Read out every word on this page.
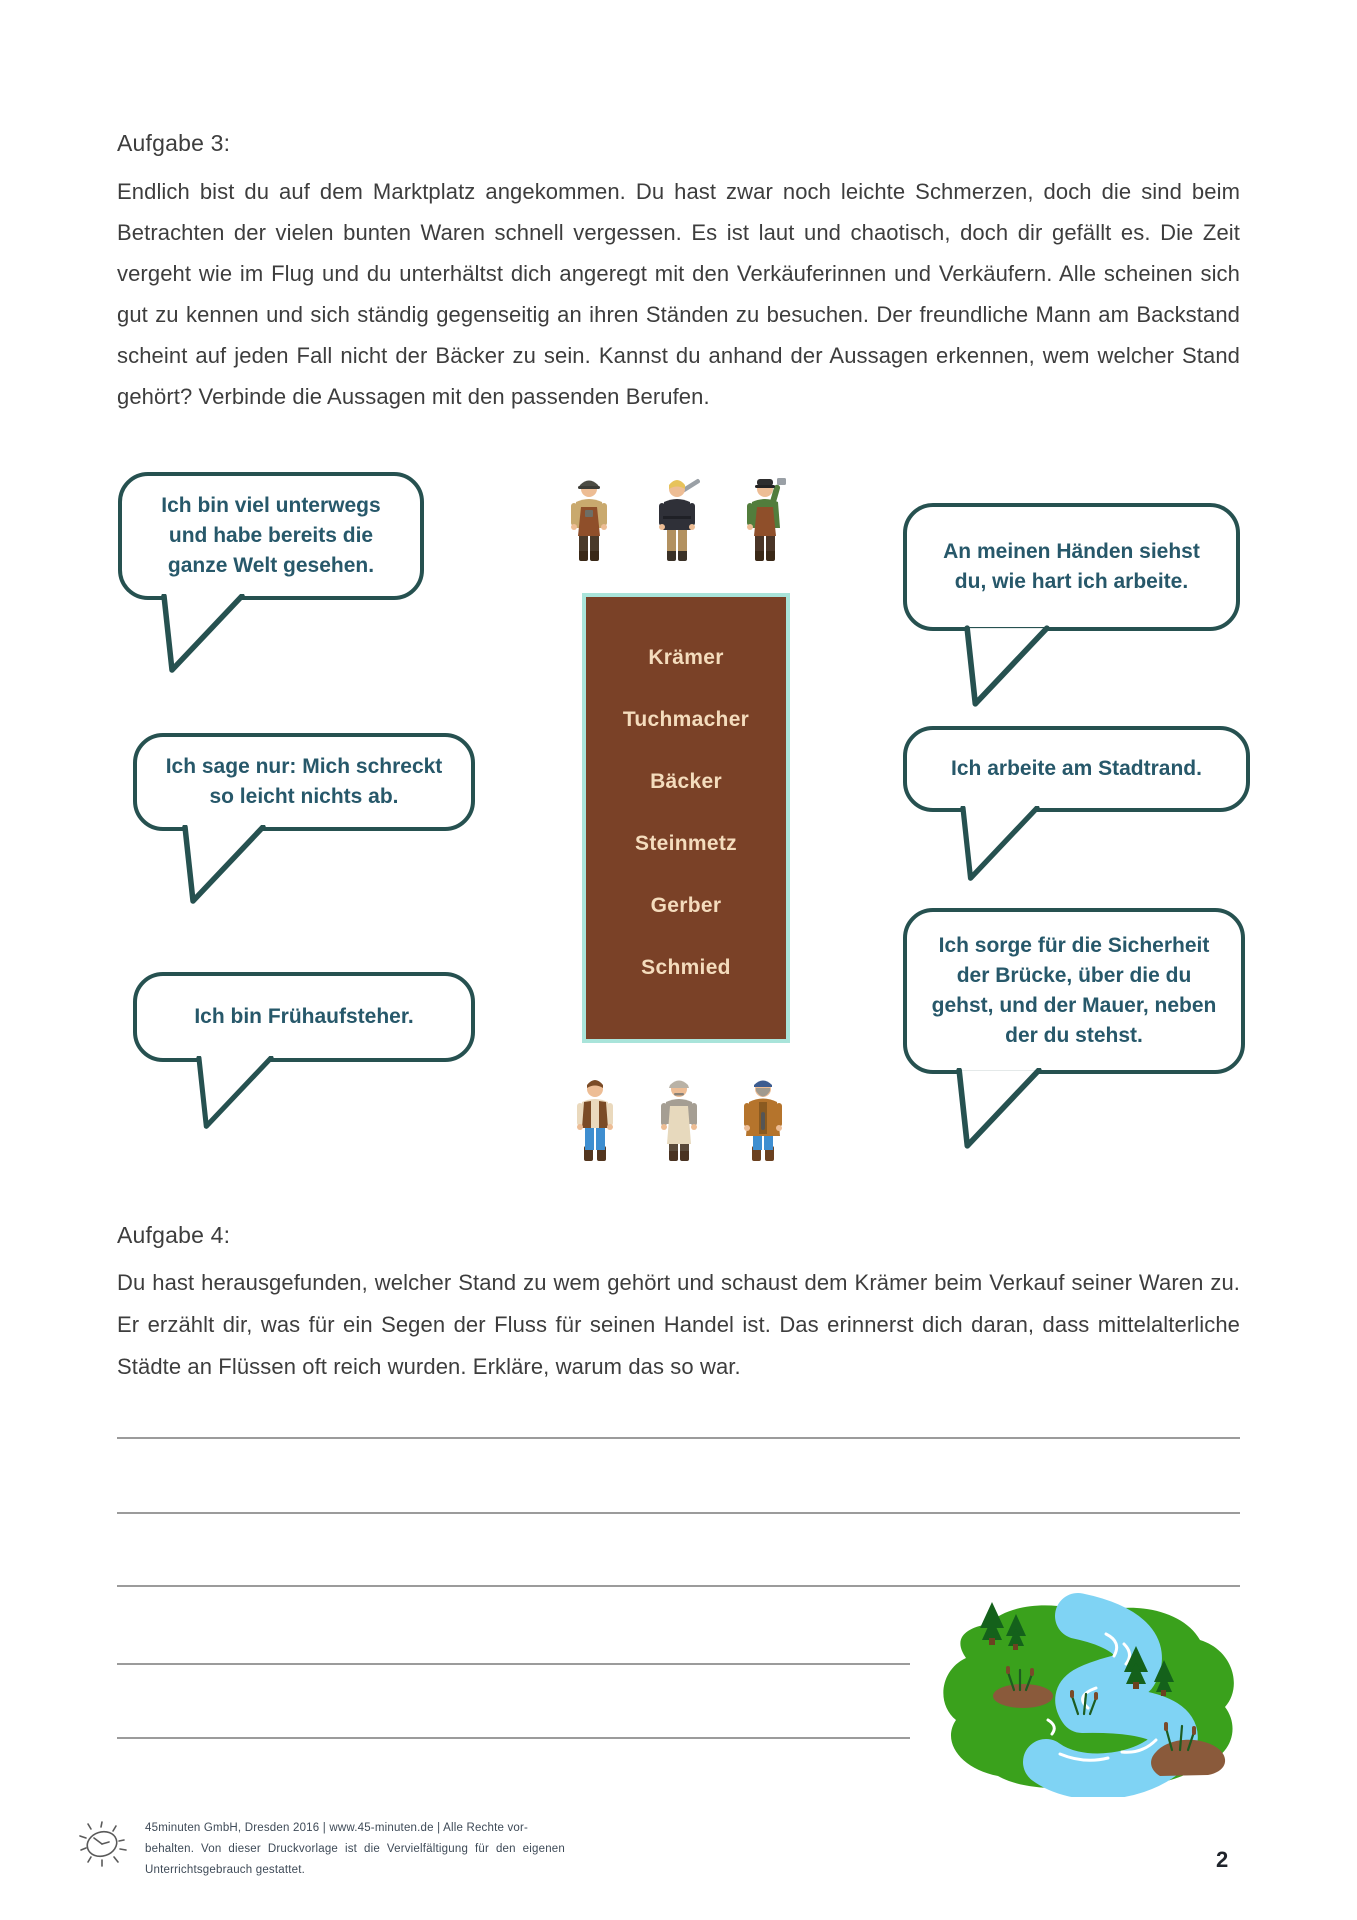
Aufgabe 3:
Endlich bist du auf dem Marktplatz angekommen. Du hast zwar noch leichte Schmerzen, doch die sind beim Betrachten der vielen bunten Waren schnell vergessen. Es ist laut und chaotisch, doch dir gefällt es. Die Zeit vergeht wie im Flug und du unterhältst dich angeregt mit den Verkäuferinnen und Verkäufern. Alle scheinen sich gut zu kennen und sich ständig gegenseitig an ihren Ständen zu besuchen. Der freundliche Mann am Backstand scheint auf jeden Fall nicht der Bäcker zu sein. Kannst du anhand der Aussagen erkennen, wem welcher Stand gehört? Verbinde die Aussagen mit den passenden Berufen.
Ich bin viel unterwegs und habe bereits die ganze Welt gesehen.
Ich sage nur: Mich schreckt so leicht nichts ab.
Ich bin Frühaufsteher.
An meinen Händen siehst du, wie hart ich arbeite.
Ich arbeite am Stadtrand.
Ich sorge für die Sicherheit der Brücke, über die du gehst, und der Mauer, neben der du stehst.
Krämer
Tuchmacher
Bäcker
Steinmetz
Gerber
Schmied
Aufgabe 4:
Du hast herausgefunden, welcher Stand zu wem gehört und schaust dem Krämer beim Verkauf seiner Waren zu. Er erzählt dir, was für ein Segen der Fluss für seinen Handel ist. Das erinnerst dich daran, dass mittelalterliche Städte an Flüssen oft reich wurden. Erkläre, warum das so war.
45minuten GmbH, Dresden 2016 | www.45-minuten.de | Alle Rechte vor-
behalten. Von dieser Druckvorlage ist die Vervielfältigung für den eigenen
Unterrichtsgebrauch gestattet.	2
